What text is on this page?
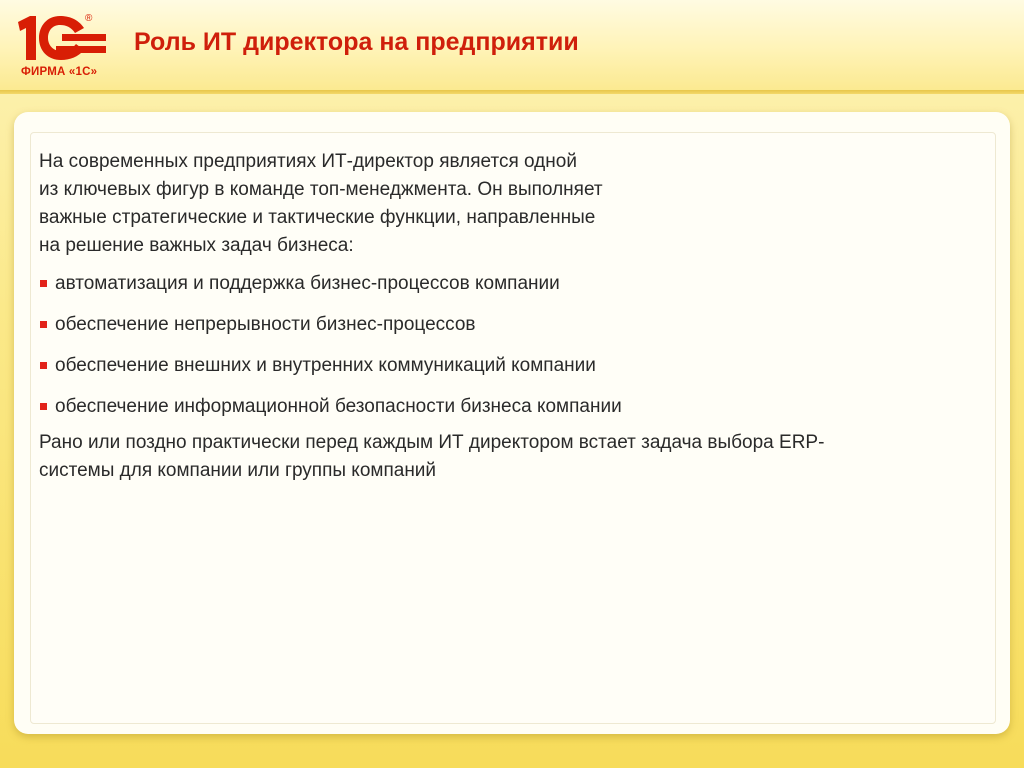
®
ФИРМА «1С»
Роль ИТ директора на предприятии

На современных предприятиях ИТ-директор является одной
из ключевых фигур в команде топ-менеджмента. Он выполняет
важные стратегические и тактические функции, направленные
на решение важных задач бизнеса:

автоматизация и поддержка бизнес-процессов компании
обеспечение непрерывности бизнес-процессов
обеспечение внешних и внутренних коммуникаций компании
обеспечение информационной безопасности бизнеса компании

Рано или поздно практически перед каждым ИТ директором встает задача выбора ERP-
системы для компании или группы компаний
